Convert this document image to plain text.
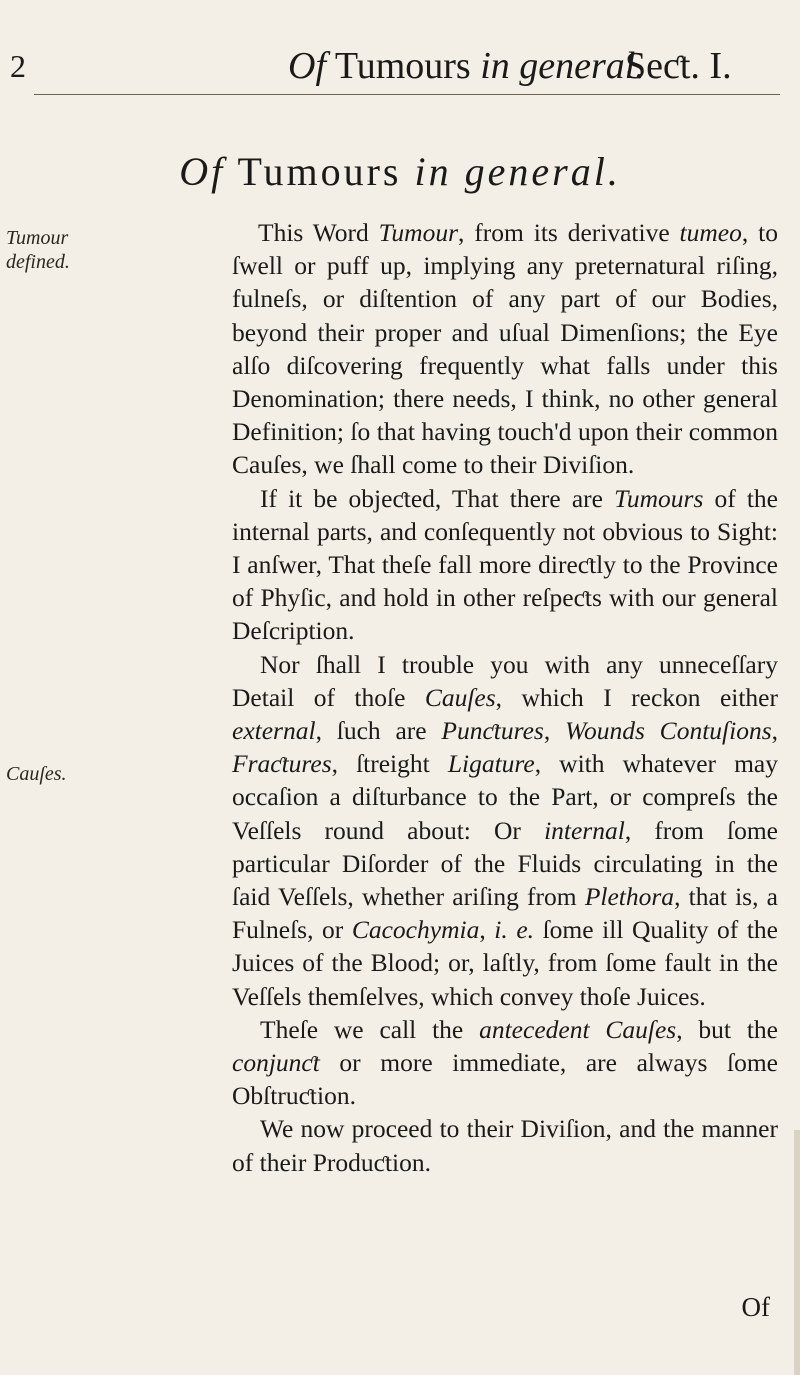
2	Of Tumours in general.
Seƈt. I.
Of Tumours in general.
Tumour
defined.
Cauſes.

This Word Tumour, from its derivative tumeo, to ſwell or puff up, implying any preternatural riſing, fulneſs, or diſtention of any part of our Bodies, beyond their proper and uſual Dimenſions; the Eye alſo diſcovering frequently what falls under this Denomination; there needs, I think, no other general Definition; ſo that having touch'd upon their common Cauſes, we ſhall come to their Diviſion.

If it be objeƈted, That there are Tumours of the internal parts, and conſequently not obvious to Sight: I anſwer, That theſe fall more direƈtly to the Province of Phyſic, and hold in other reſpeƈts with our general Deſcription.

Nor ſhall I trouble you with any unneceſſary Detail of thoſe Cauſes, which I reckon either external, ſuch are Punƈtures, Wounds Contuſions, Fraƈtures, ſtreight Ligature, with whatever may occaſion a diſturbance to the Part, or compreſs the Veſſels round about: Or internal, from ſome particular Diſorder of the Fluids circulating in the ſaid Veſſels, whether ariſing from Plethora, that is, a Fulneſs, or Cacochymia, i. e. ſome ill Quality of the Juices of the Blood; or, laſtly, from ſome fault in the Veſſels themſelves, which convey thoſe Juices.

Theſe we call the antecedent Cauſes, but the conjunƈt or more immediate, are always ſome Obſtruƈtion.

We now proceed to their Diviſion, and the manner of their Produƈtion.

Of
